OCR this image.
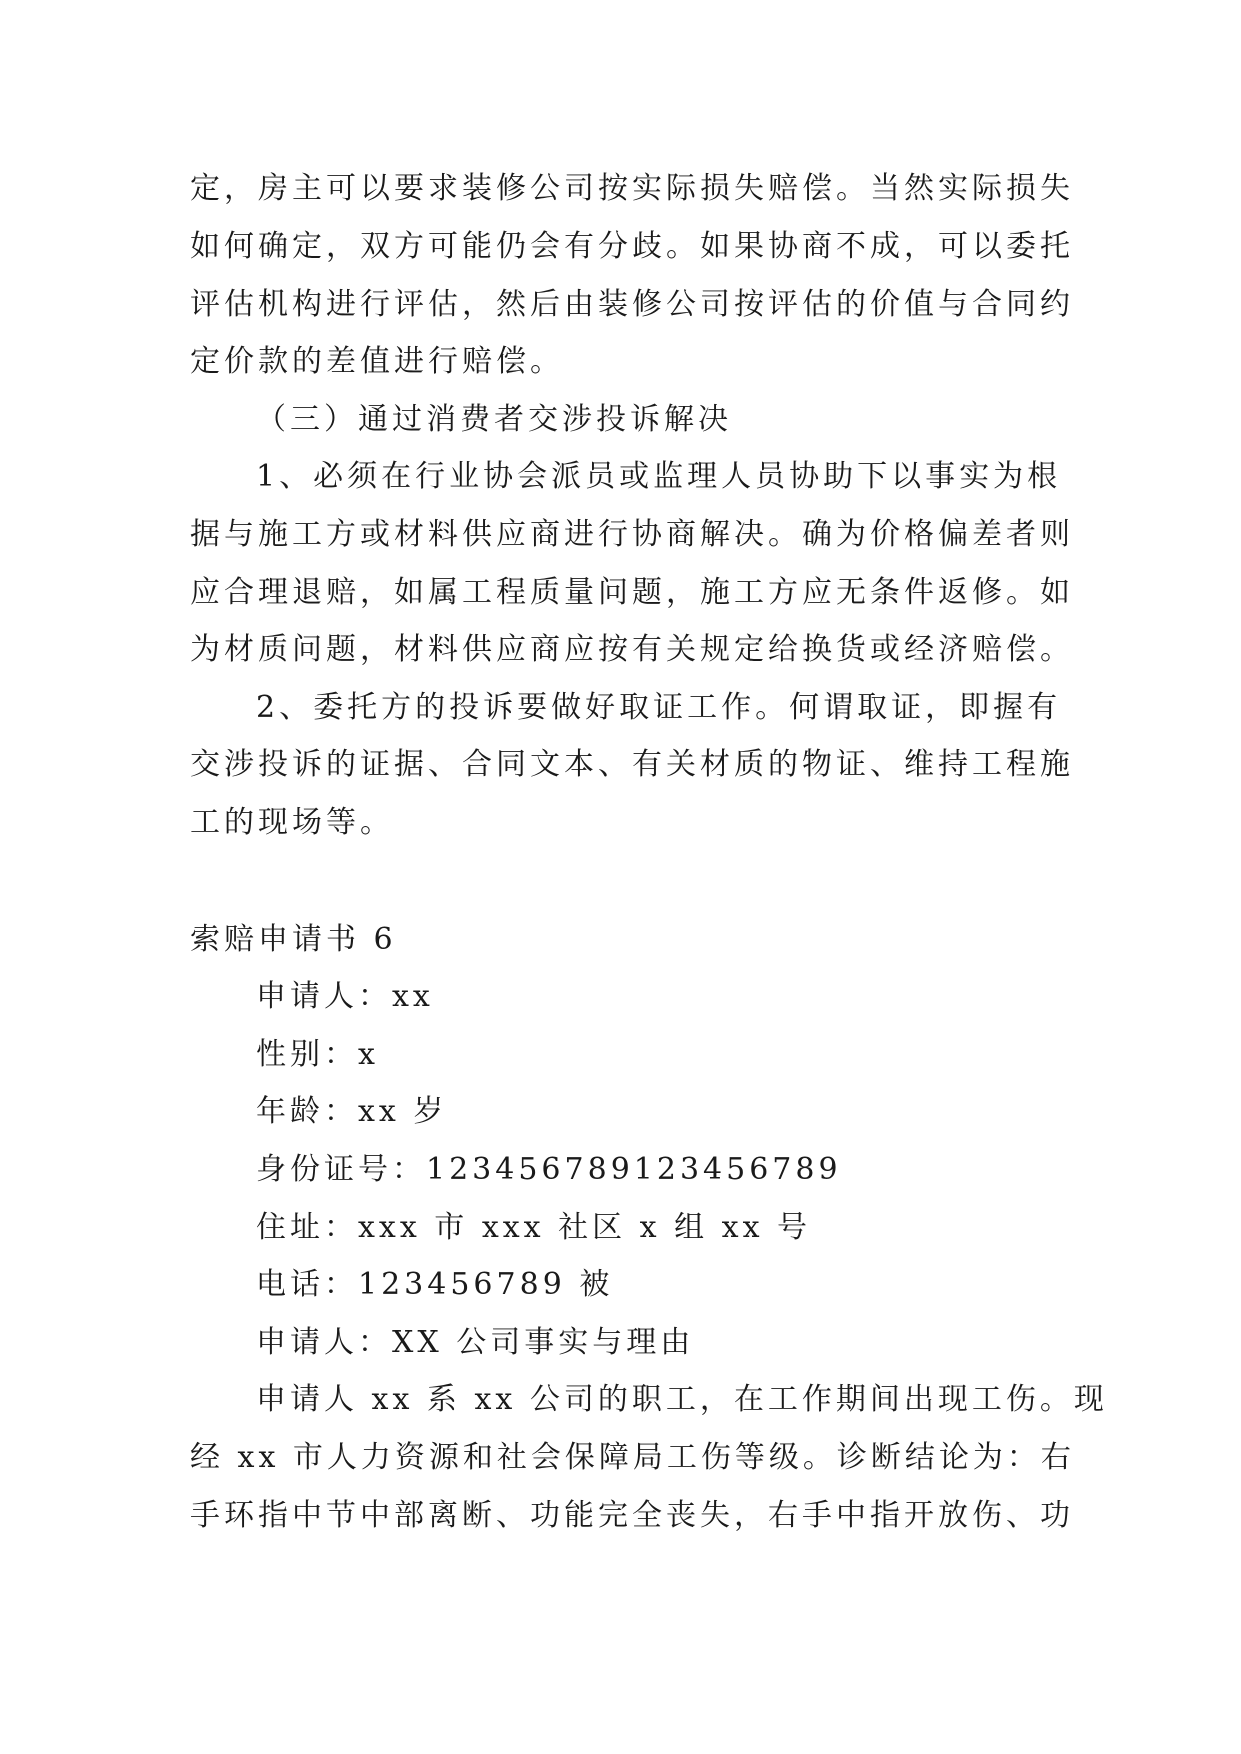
定，房主可以要求装修公司按实际损失赔偿。当然实际损失
如何确定，双方可能仍会有分歧。如果协商不成，可以委托
评估机构进行评估，然后由装修公司按评估的价值与合同约
定价款的差值进行赔偿。
（三）通过消费者交涉投诉解决
1、必须在行业协会派员或监理人员协助下以事实为根
据与施工方或材料供应商进行协商解决。确为价格偏差者则
应合理退赔，如属工程质量问题，施工方应无条件返修。如
为材质问题，材料供应商应按有关规定给换货或经济赔偿。
2、委托方的投诉要做好取证工作。何谓取证，即握有
交涉投诉的证据、合同文本、有关材质的物证、维持工程施
工的现场等。
索赔申请书 6
申请人：xx
性别：x
年龄：xx 岁
身份证号：123456789123456789
住址：xxx 市 xxx 社区 x 组 xx 号
电话：123456789 被
申请人：XX 公司事实与理由
申请人 xx 系 xx 公司的职工，在工作期间出现工伤。现
经 xx 市人力资源和社会保障局工伤等级。诊断结论为：右
手环指中节中部离断、功能完全丧失，右手中指开放伤、功
